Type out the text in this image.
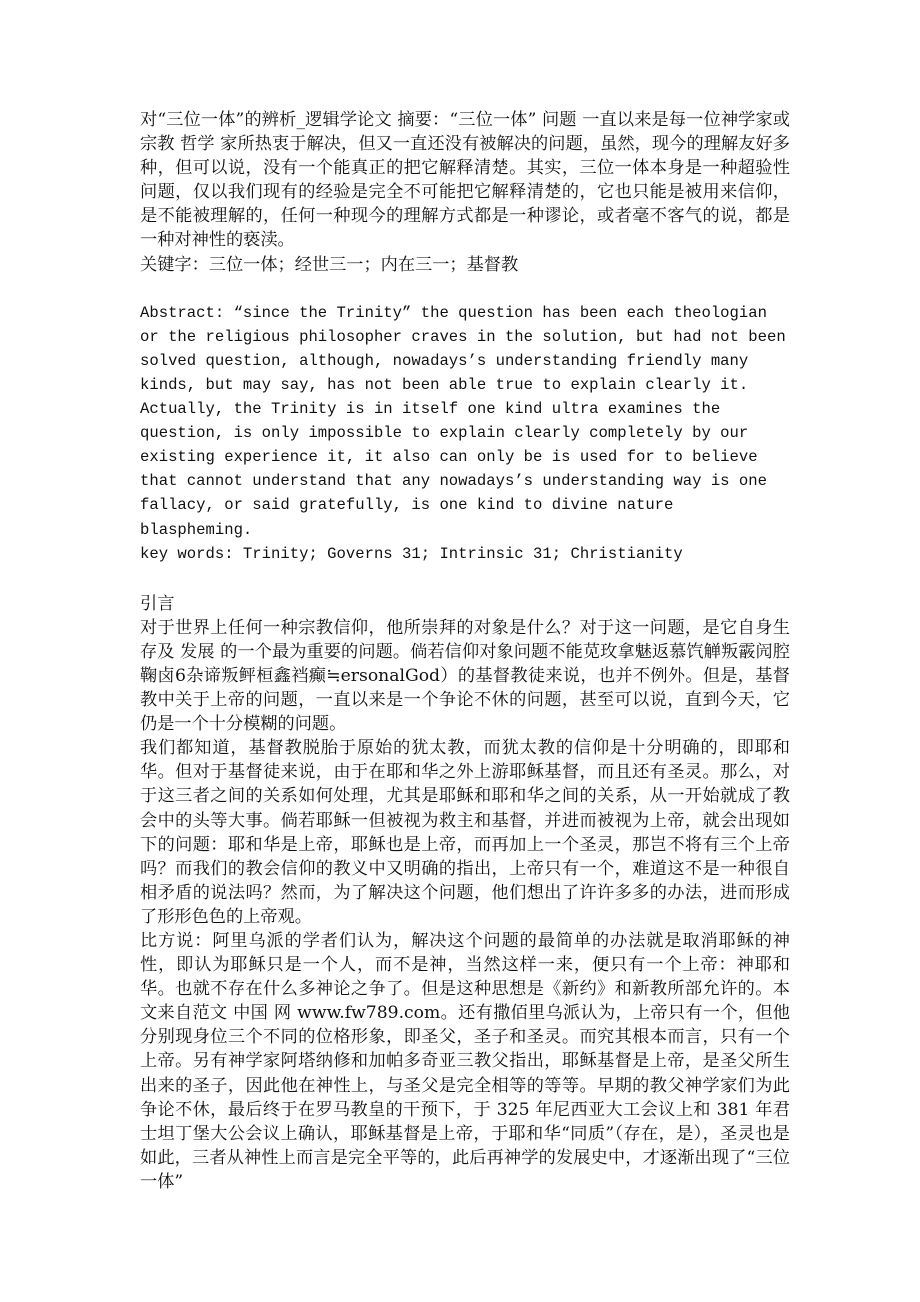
对“三位一体”的辨析_逻辑学论文 摘要：“三位一体” 问题 一直以来是每一位神学家或宗教 哲学 家所热衷于解决，但又一直还没有被解决的问题，虽然，现今的理解友好多种，但可以说，没有一个能真正的把它解释清楚。其实，三位一体本身是一种超验性问题，仅以我们现有的经验是完全不可能把它解释清楚的，它也只能是被用来信仰，是不能被理解的，任何一种现今的理解方式都是一种谬论，或者毫不客气的说，都是一种对神性的亵渎。

关键字：三位一体；经世三一；内在三一；基督教

Abstract: “since the Trinity” the question has been each theologian or the religious philosopher craves in the solution, but had not been solved question, although, nowadays’s understanding friendly many kinds, but may say, has not been able true to explain clearly it. Actually, the Trinity is in itself one kind ultra examines the question, is only impossible to explain clearly completely by our existing experience it, it also can only be is used for to believe that cannot understand that any nowadays’s understanding way is one fallacy, or said gratefully, is one kind to divine nature blaspheming.

key words: Trinity; Governs 31; Intrinsic 31; Christianity

引言

对于世界上任何一种宗教信仰，他所崇拜的对象是什么？对于这一问题，是它自身生存及 发展 的一个最为重要的问题。倘若信仰对象问题不能苋玫拿魅返慕饩觯叛霰闶腔鞠卤6杂谛叛鲆桓鑫裆癫≒ersonalGod）的基督教徒来说，也并不例外。但是，基督教中关于上帝的问题，一直以来是一个争论不休的问题，甚至可以说，直到今天，它仍是一个十分模糊的问题。

我们都知道，基督教脱胎于原始的犹太教，而犹太教的信仰是十分明确的，即耶和华。但对于基督徒来说，由于在耶和华之外上游耶稣基督，而且还有圣灵。那么，对于这三者之间的关系如何处理，尤其是耶稣和耶和华之间的关系，从一开始就成了教会中的头等大事。倘若耶稣一但被视为救主和基督，并进而被视为上帝，就会出现如下的问题：耶和华是上帝，耶稣也是上帝，而再加上一个圣灵，那岂不将有三个上帝吗？而我们的教会信仰的教义中又明确的指出，上帝只有一个，难道这不是一种很自相矛盾的说法吗？然而，为了解决这个问题，他们想出了许许多多的办法，进而形成了形形色色的上帝观。

比方说：阿里乌派的学者们认为，解决这个问题的最简单的办法就是取消耶稣的神性，即认为耶稣只是一个人，而不是神，当然这样一来，便只有一个上帝：神耶和华。也就不存在什么多神论之争了。但是这种思想是《新约》和新教所部允许的。本文来自范文 中国 网 www.fw789.com。还有撒佰里乌派认为，上帝只有一个，但他分别现身位三个不同的位格形象，即圣父，圣子和圣灵。而究其根本而言，只有一个上帝。另有神学家阿塔纳修和加帕多奇亚三教父指出，耶稣基督是上帝，是圣父所生出来的圣子，因此他在神性上，与圣父是完全相等的等等。早期的教父神学家们为此争论不休，最后终于在罗马教皇的干预下，于 325 年尼西亚大工会议上和 381 年君士坦丁堡大公会议上确认，耶稣基督是上帝，于耶和华“同质”（存在，是），圣灵也是如此，三者从神性上而言是完全平等的，此后再神学的发展史中，才逐渐出现了“三位一体”
